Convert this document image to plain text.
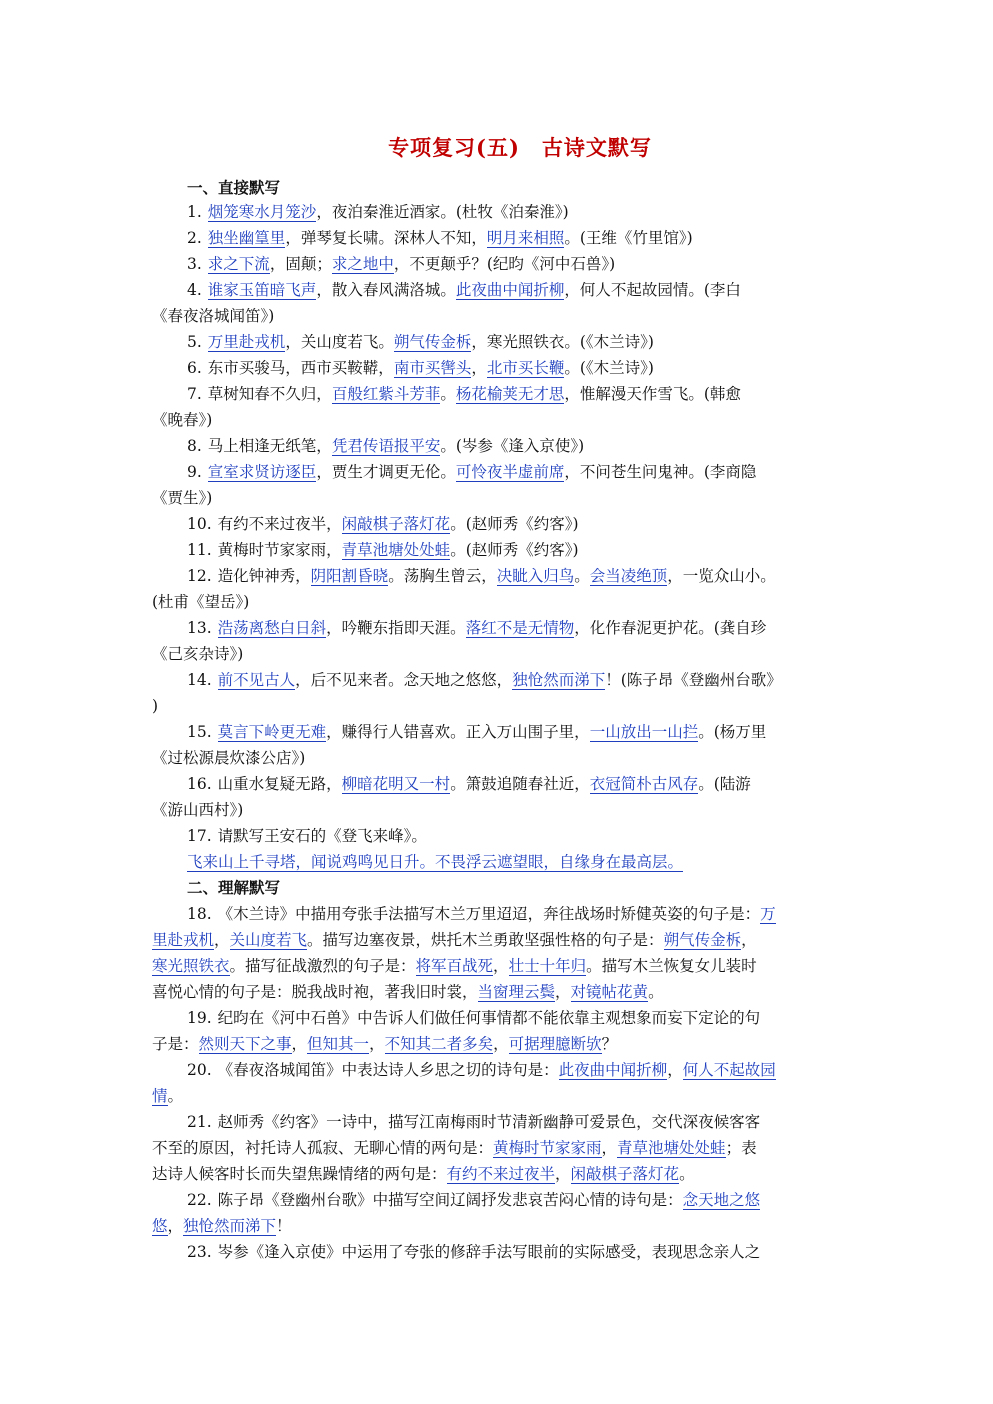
专项复习(五)　古诗文默写
一、直接默写
二、理解默写
1. 烟笼寒水月笼沙，夜泊秦淮近酒家。(杜牧《泊秦淮》)
2. 独坐幽篁里，弹琴复长啸。深林人不知，明月来相照。(王维《竹里馆》)
3. 求之下流，固颠；求之地中，不更颠乎？(纪昀《河中石兽》)
4. 谁家玉笛暗飞声，散入春风满洛城。此夜曲中闻折柳，何人不起故园情。(李白
《春夜洛城闻笛》)
5. 万里赴戎机，关山度若飞。朔气传金柝，寒光照铁衣。(《木兰诗》)
6. 东市买骏马，西市买鞍鞯，南市买辔头，北市买长鞭。(《木兰诗》)
7. 草树知春不久归，百般红紫斗芳菲。杨花榆荚无才思，惟解漫天作雪飞。(韩愈
《晚春》)
8. 马上相逢无纸笔，凭君传语报平安。(岑参《逢入京使》)
9. 宣室求贤访逐臣，贾生才调更无伦。可怜夜半虚前席，不问苍生问鬼神。(李商隐
《贾生》)
10. 有约不来过夜半，闲敲棋子落灯花。(赵师秀《约客》)
11. 黄梅时节家家雨，青草池塘处处蛙。(赵师秀《约客》)
12. 造化钟神秀，阴阳割昏晓。荡胸生曾云，决眦入归鸟。会当凌绝顶，一览众山小。
(杜甫《望岳》)
13. 浩荡离愁白日斜，吟鞭东指即天涯。落红不是无情物，化作春泥更护花。(龚自珍
《己亥杂诗》)
14. 前不见古人，后不见来者。念天地之悠悠，独怆然而涕下！(陈子昂《登幽州台歌》
)
15. 莫言下岭更无难，赚得行人错喜欢。正入万山围子里，一山放出一山拦。(杨万里
《过松源晨炊漆公店》)
16. 山重水复疑无路，柳暗花明又一村。箫鼓追随春社近，衣冠简朴古风存。(陆游
《游山西村》)
17. 请默写王安石的《登飞来峰》。
飞来山上千寻塔，闻说鸡鸣见日升。不畏浮云遮望眼，自缘身在最高层。
18. 《木兰诗》中描用夸张手法描写木兰万里迢迢，奔往战场时矫健英姿的句子是：万
里赴戎机，关山度若飞。描写边塞夜景，烘托木兰勇敢坚强性格的句子是：朔气传金柝，
寒光照铁衣。描写征战激烈的句子是：将军百战死，壮士十年归。描写木兰恢复女儿装时
喜悦心情的句子是：脱我战时袍，著我旧时裳，当窗理云鬓，对镜帖花黄。
19. 纪昀在《河中石兽》中告诉人们做任何事情都不能依靠主观想象而妄下定论的句
子是：然则天下之事，但知其一，不知其二者多矣，可据理臆断欤？
20. 《春夜洛城闻笛》中表达诗人乡思之切的诗句是：此夜曲中闻折柳，何人不起故园
情。
21. 赵师秀《约客》一诗中，描写江南梅雨时节清新幽静可爱景色，交代深夜候客客
不至的原因，衬托诗人孤寂、无聊心情的两句是：黄梅时节家家雨，青草池塘处处蛙；表
达诗人候客时长而失望焦躁情绪的两句是：有约不来过夜半，闲敲棋子落灯花。
22. 陈子昂《登幽州台歌》中描写空间辽阔抒发悲哀苦闷心情的诗句是：念天地之悠
悠，独怆然而涕下！
23. 岑参《逢入京使》中运用了夸张的修辞手法写眼前的实际感受，表现思念亲人之
